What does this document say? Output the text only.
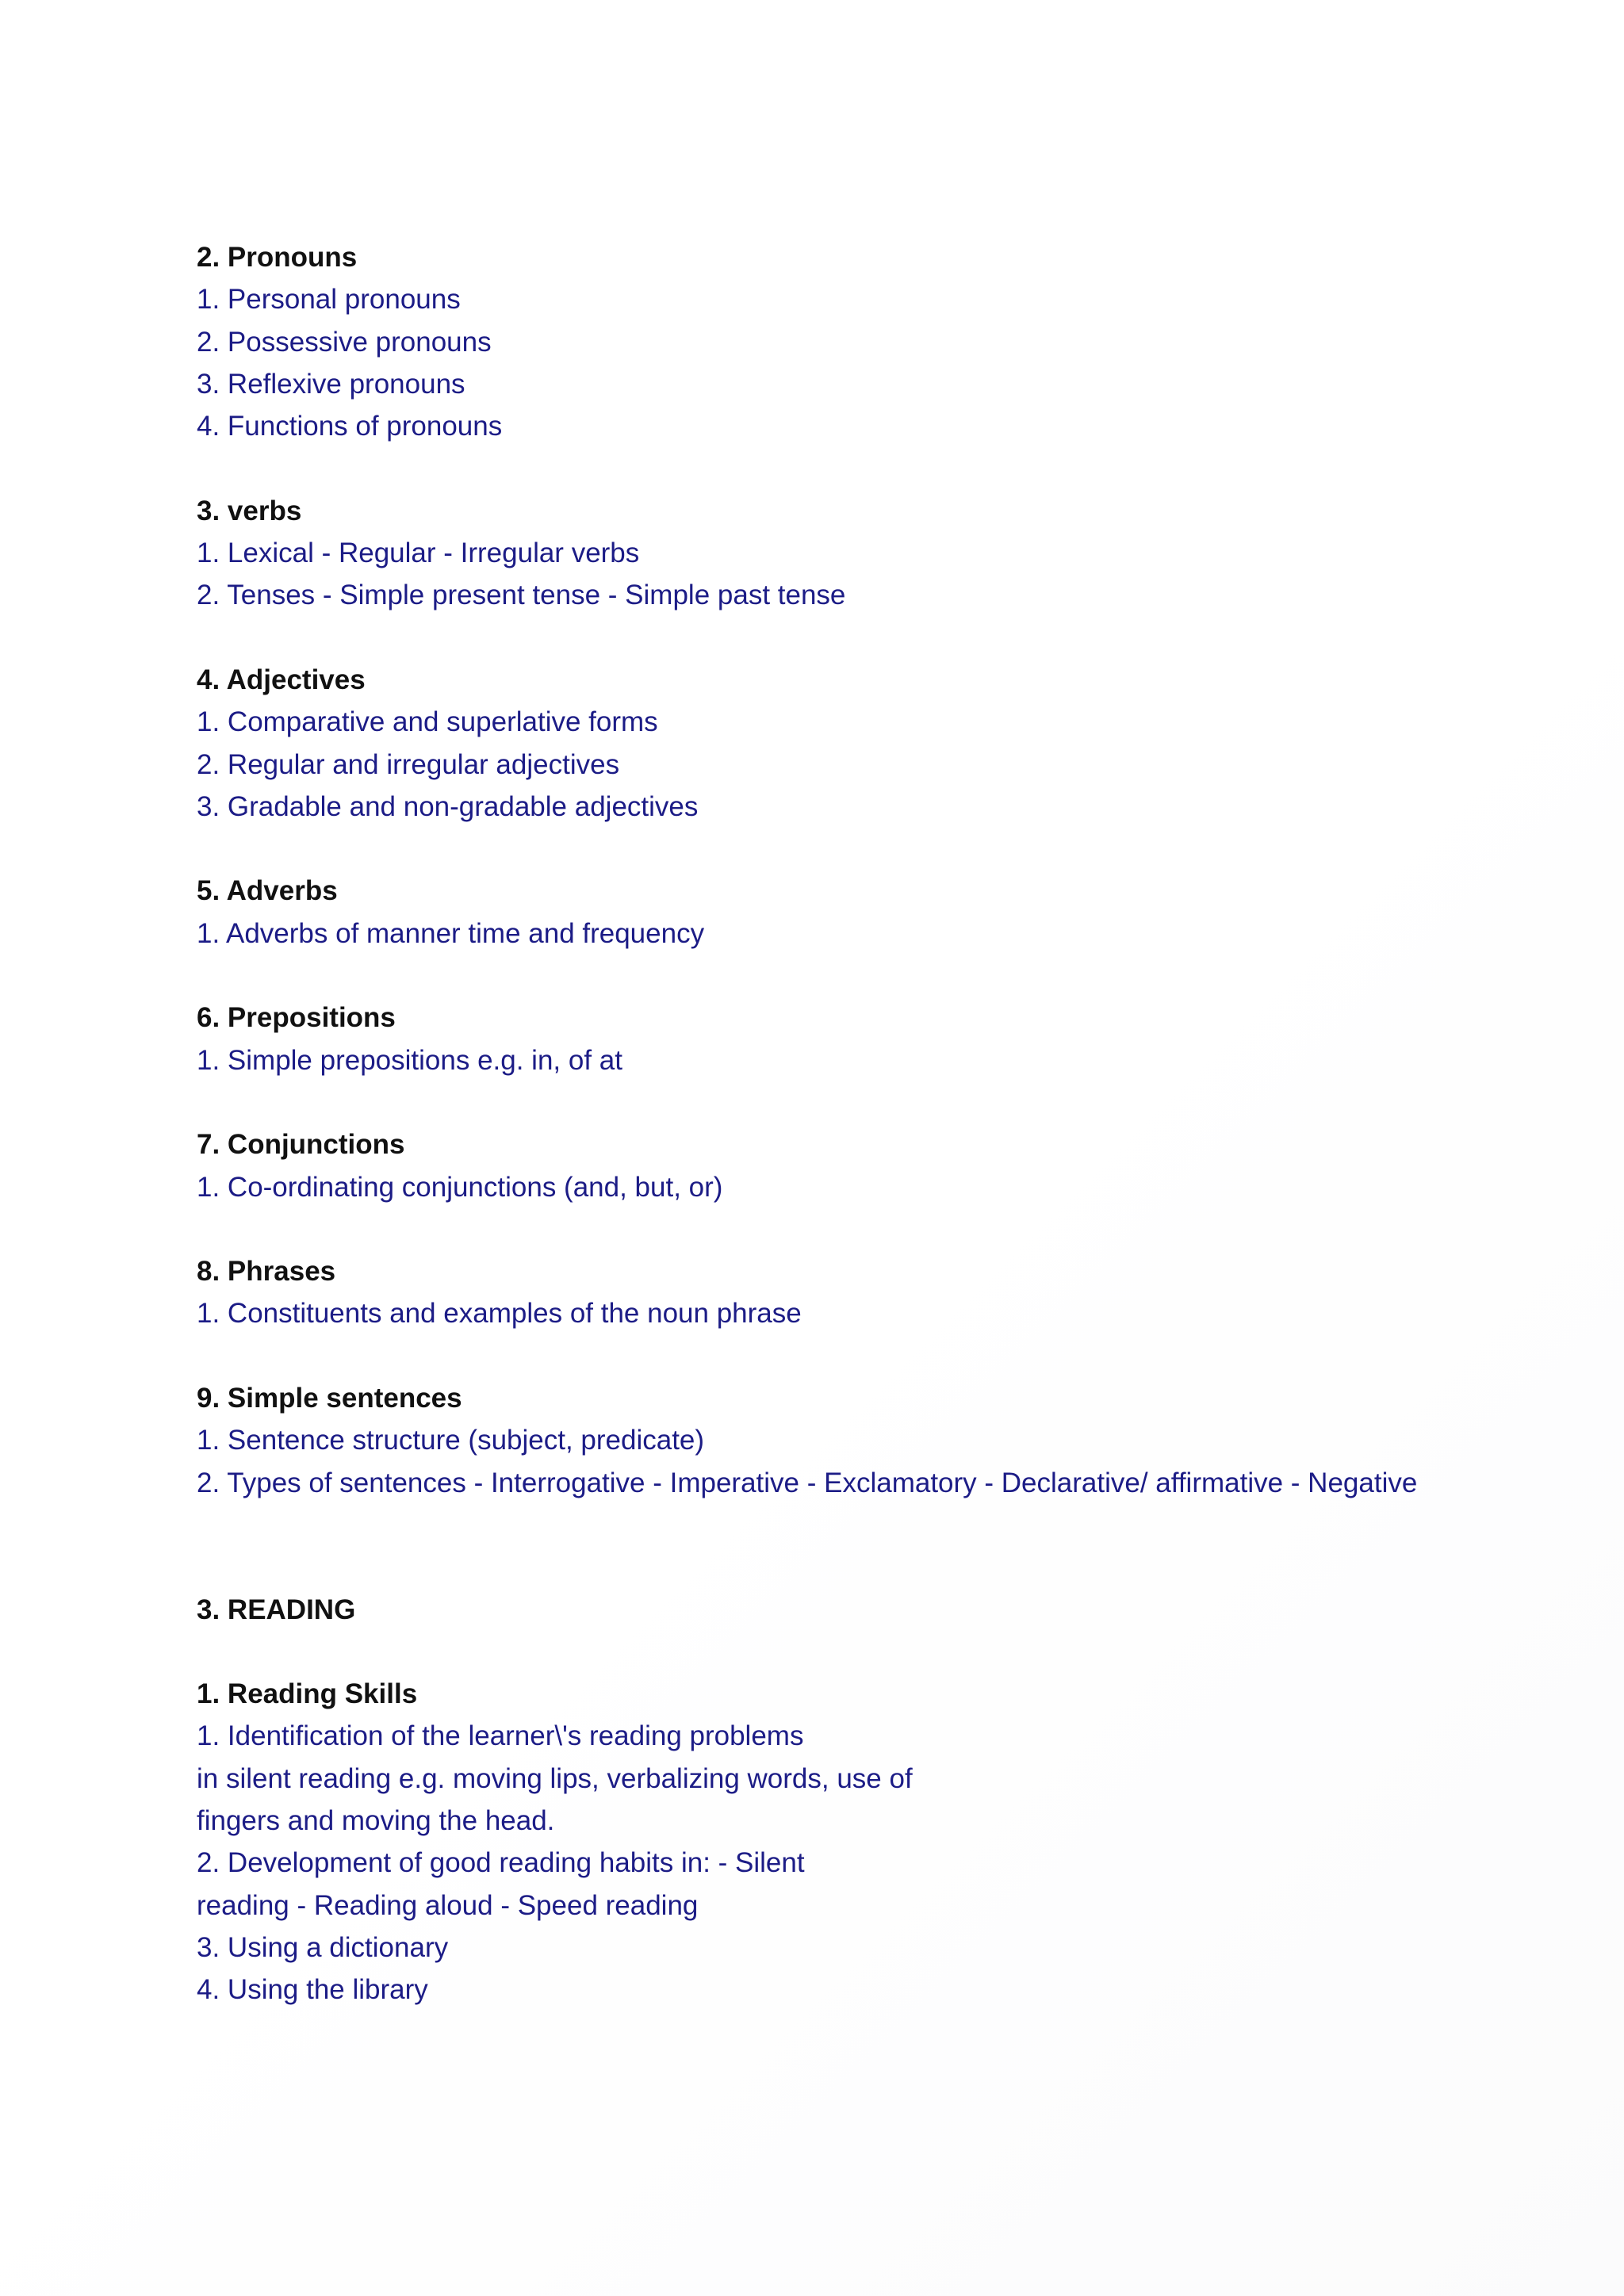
2. Pronouns
1. Personal pronouns
2. Possessive pronouns
3. Reflexive pronouns
4. Functions of pronouns
3. verbs
1. Lexical - Regular - Irregular verbs
2. Tenses - Simple present tense - Simple past tense
4. Adjectives
1. Comparative and superlative forms
2. Regular and irregular adjectives
3. Gradable and non-gradable adjectives
5. Adverbs
1. Adverbs of manner time and frequency
6. Prepositions
1. Simple prepositions e.g. in, of at
7. Conjunctions
1. Co-ordinating conjunctions (and, but, or)
8. Phrases
1. Constituents and examples of the noun phrase
9. Simple sentences
1. Sentence structure (subject, predicate)
2. Types of sentences - Interrogative - Imperative - Exclamatory - Declarative/ affirmative - Negative
3. READING
1. Reading Skills
1. Identification of the learner\'s reading problems
in silent reading e.g. moving lips, verbalizing words, use of
fingers and moving the head.
2. Development of good reading habits in: - Silent
reading - Reading aloud - Speed reading
3. Using a dictionary
4. Using the library
